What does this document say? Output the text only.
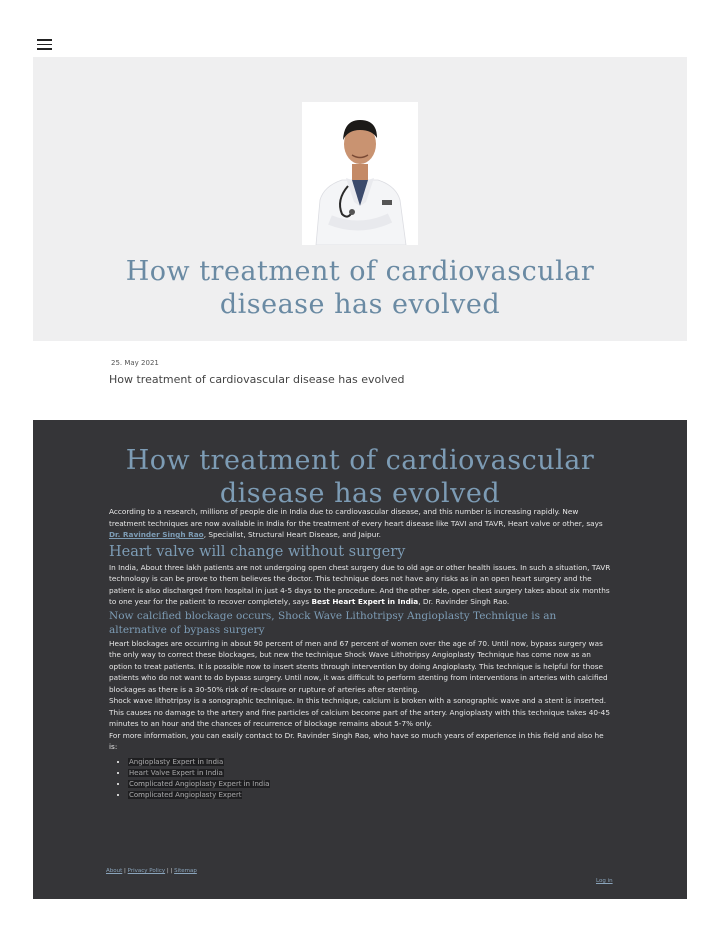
How treatment of cardiovascular
disease has evolved
25. May 2021
How treatment of cardiovascular disease has evolved
How treatment of cardiovascular
disease has evolved

According to a research, millions of people die in India due to cardiovascular disease, and this number is increasing rapidly. New treatment techniques are now available in India for the treatment of every heart disease like TAVI and TAVR, Heart valve or other, says Dr. Ravinder Singh Rao, Specialist, Structural Heart Disease, and Jaipur.

Heart valve will change without surgery

In India, About three lakh patients are not undergoing open chest surgery due to old age or other health issues. In such a situation, TAVR technology is can be prove to them believes the doctor. This technique does not have any risks as in an open heart surgery and the patient is also discharged from hospital in just 4-5 days to the procedure. And the other side, open chest surgery takes about six months to one year for the patient to recover completely, says Best Heart Expert in India, Dr. Ravinder Singh Rao.

Now calcified blockage occurs, Shock Wave Lithotripsy Angioplasty Technique is an alternative of bypass surgery

Heart blockages are occurring in about 90 percent of men and 67 percent of women over the age of 70. Until now, bypass surgery was the only way to correct these blockages, but new the technique Shock Wave Lithotripsy Angioplasty Technique has come now as an option to treat patients. It is possible now to insert stents through intervention by doing Angioplasty. This technique is helpful for those patients who do not want to do bypass surgery. Until now, it was difficult to perform stenting from interventions in arteries with calcified blockages as there is a 30-50% risk of re-closure or rupture of arteries after stenting.

Shock wave lithotripsy is a sonographic technique. In this technique, calcium is broken with a sonographic wave and a stent is inserted. This causes no damage to the artery and fine particles of calcium become part of the artery. Angioplasty with this technique takes 40-45 minutes to an hour and the chances of recurrence of blockage remains about 5-7% only.

For more information, you can easily contact to Dr. Ravinder Singh Rao, who have so much years of experience in this field and also he is:

• Angioplasty Expert in India
• Heart Valve Expert in India
• Complicated Angioplasty Expert in India
• Complicated Angioplasty Expert
About | Privacy Policy | | Sitemap
Log in
